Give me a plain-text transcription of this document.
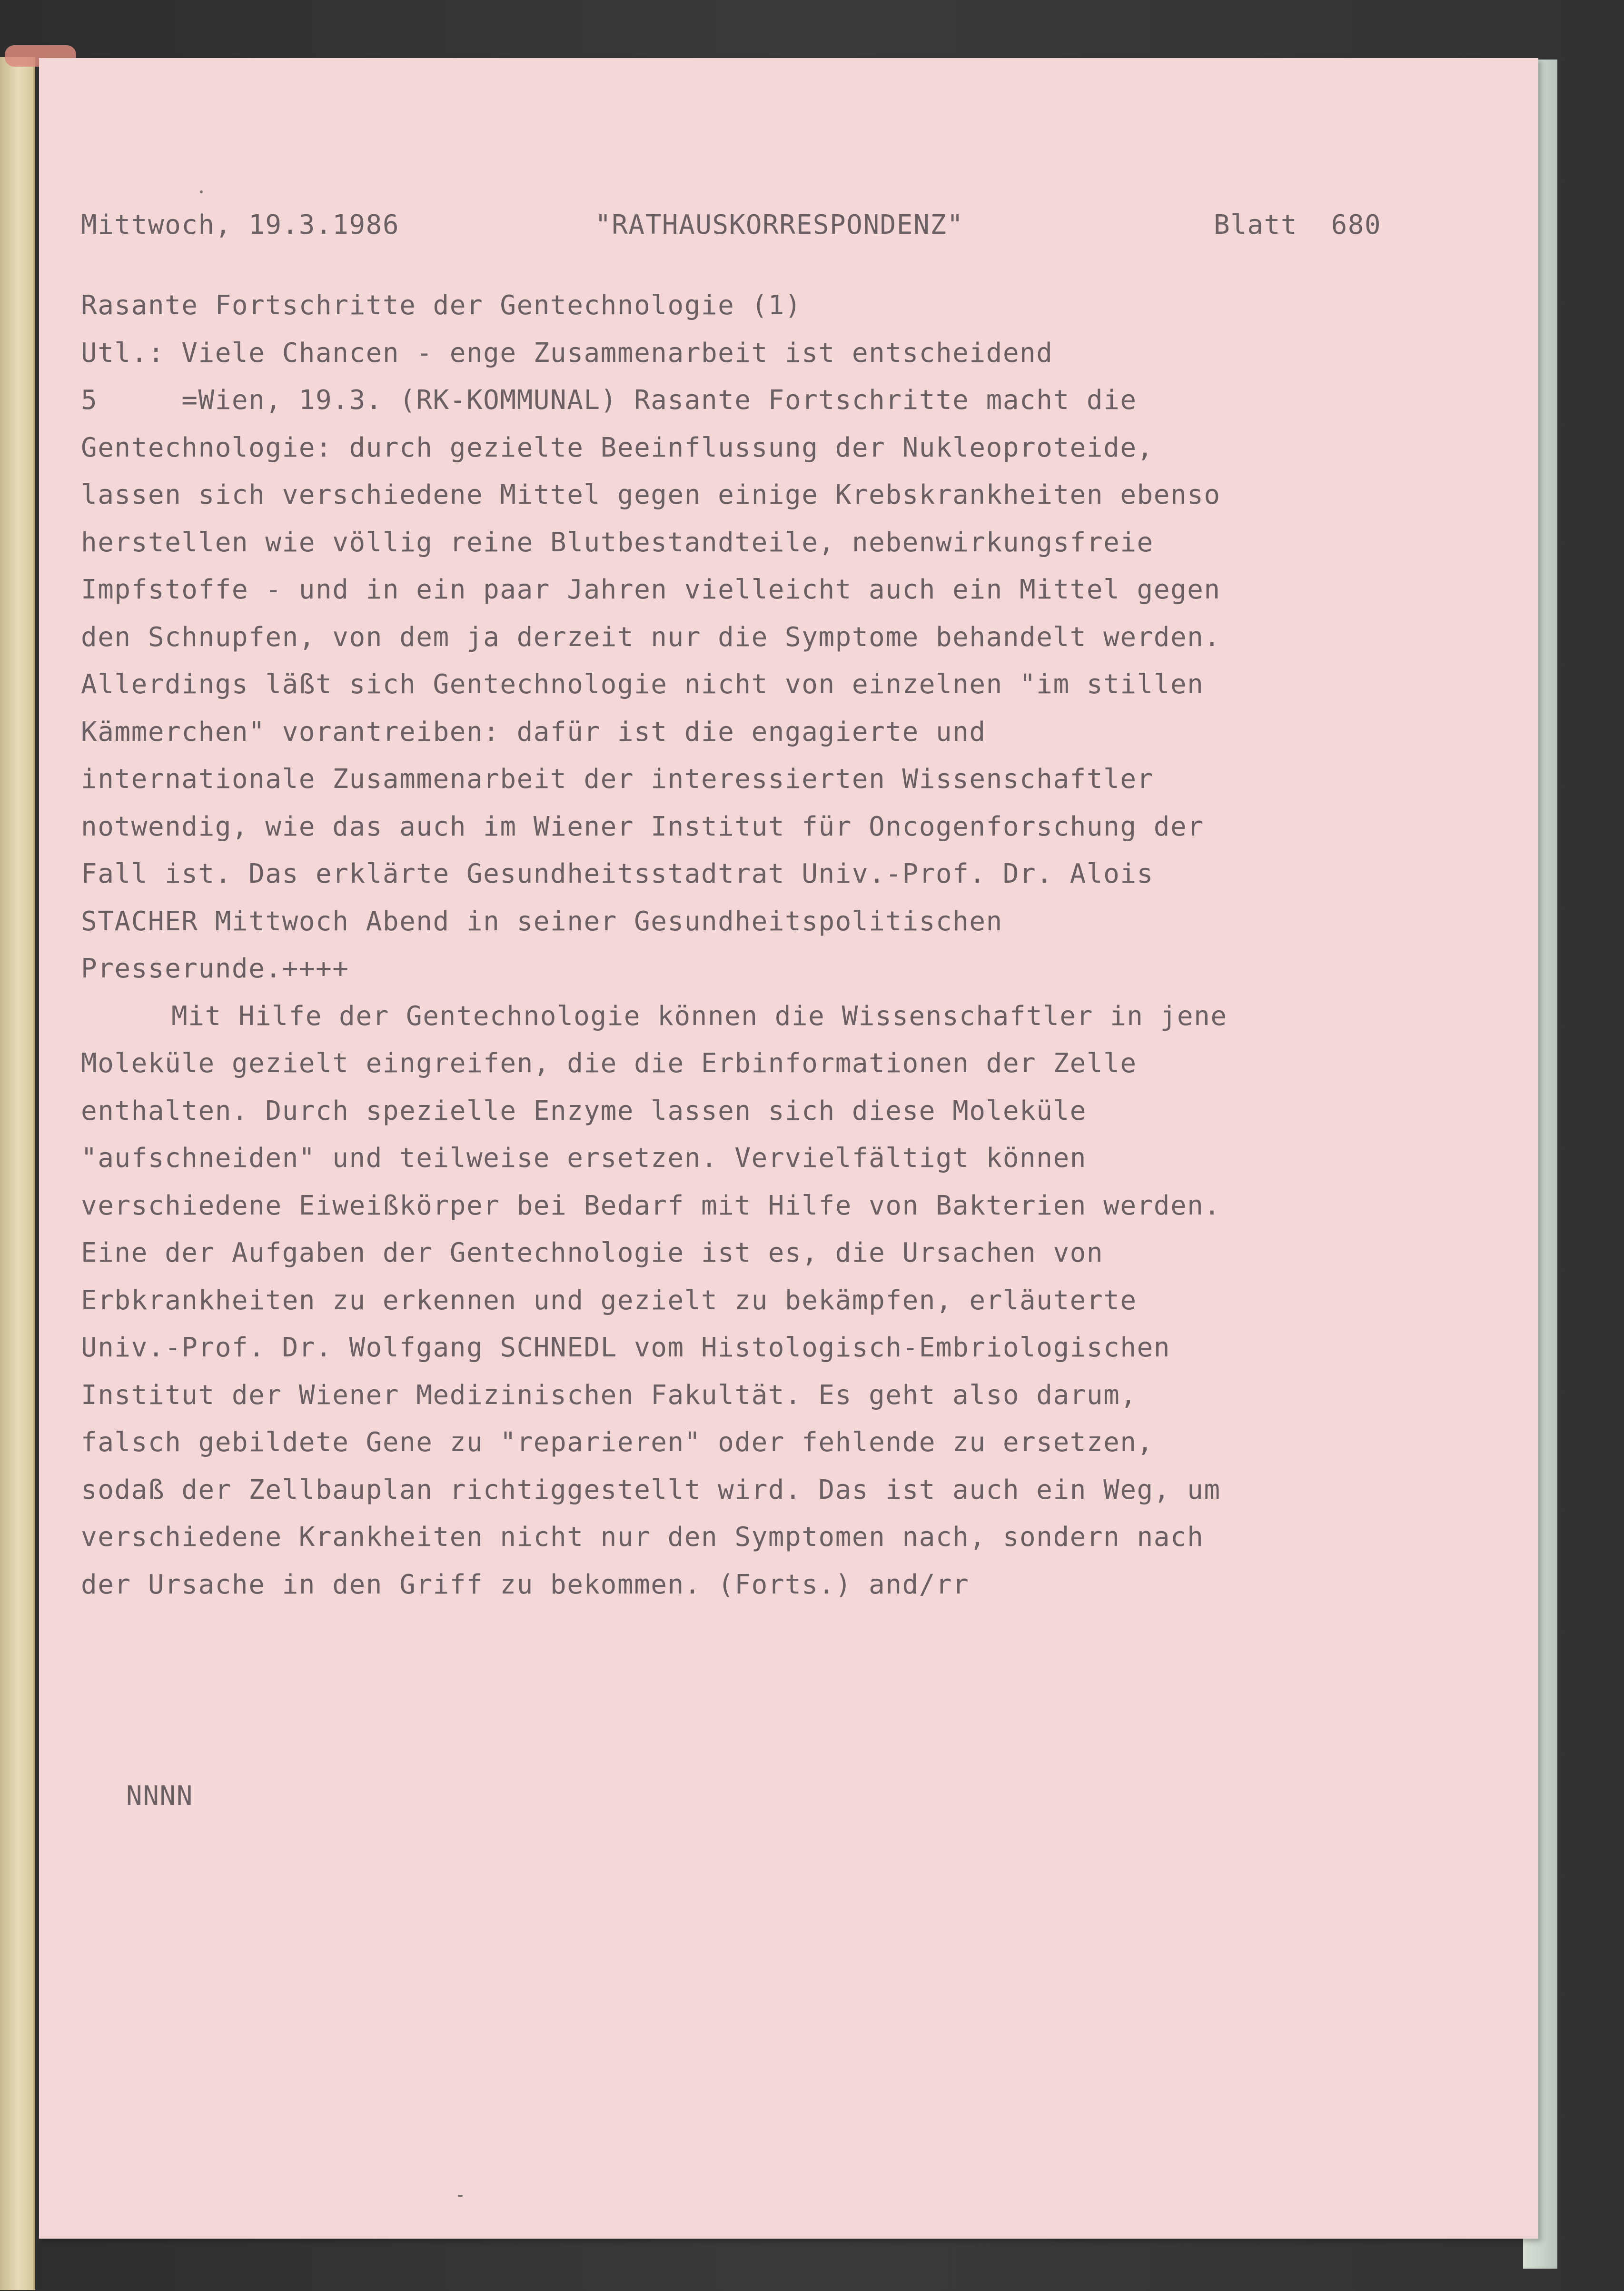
Mittwoch, 19.3.1986	"RATHAUSKORRESPONDENZ"	Blatt  680
Rasante Fortschritte der Gentechnologie (1)
Utl.: Viele Chancen - enge Zusammenarbeit ist entscheidend
5     =Wien, 19.3. (RK-KOMMUNAL) Rasante Fortschritte macht die
Gentechnologie: durch gezielte Beeinflussung der Nukleoproteide,
lassen sich verschiedene Mittel gegen einige Krebskrankheiten ebenso
herstellen wie völlig reine Blutbestandteile, nebenwirkungsfreie
Impfstoffe - und in ein paar Jahren vielleicht auch ein Mittel gegen
den Schnupfen, von dem ja derzeit nur die Symptome behandelt werden.
Allerdings läßt sich Gentechnologie nicht von einzelnen "im stillen
Kämmerchen" vorantreiben: dafür ist die engagierte und
internationale Zusammenarbeit der interessierten Wissenschaftler
notwendig, wie das auch im Wiener Institut für Oncogenforschung der
Fall ist. Das erklärte Gesundheitsstadtrat Univ.-Prof. Dr. Alois
STACHER Mittwoch Abend in seiner Gesundheitspolitischen
Presserunde.++++
Mit Hilfe der Gentechnologie können die Wissenschaftler in jene
Moleküle gezielt eingreifen, die die Erbinformationen der Zelle
enthalten. Durch spezielle Enzyme lassen sich diese Moleküle
"aufschneiden" und teilweise ersetzen. Vervielfältigt können
verschiedene Eiweißkörper bei Bedarf mit Hilfe von Bakterien werden.
Eine der Aufgaben der Gentechnologie ist es, die Ursachen von
Erbkrankheiten zu erkennen und gezielt zu bekämpfen, erläuterte
Univ.-Prof. Dr. Wolfgang SCHNEDL vom Histologisch-Embriologischen
Institut der Wiener Medizinischen Fakultät. Es geht also darum,
falsch gebildete Gene zu "reparieren" oder fehlende zu ersetzen,
sodaß der Zellbauplan richtiggestellt wird. Das ist auch ein Weg, um
verschiedene Krankheiten nicht nur den Symptomen nach, sondern nach
der Ursache in den Griff zu bekommen. (Forts.) and/rr
NNNN
